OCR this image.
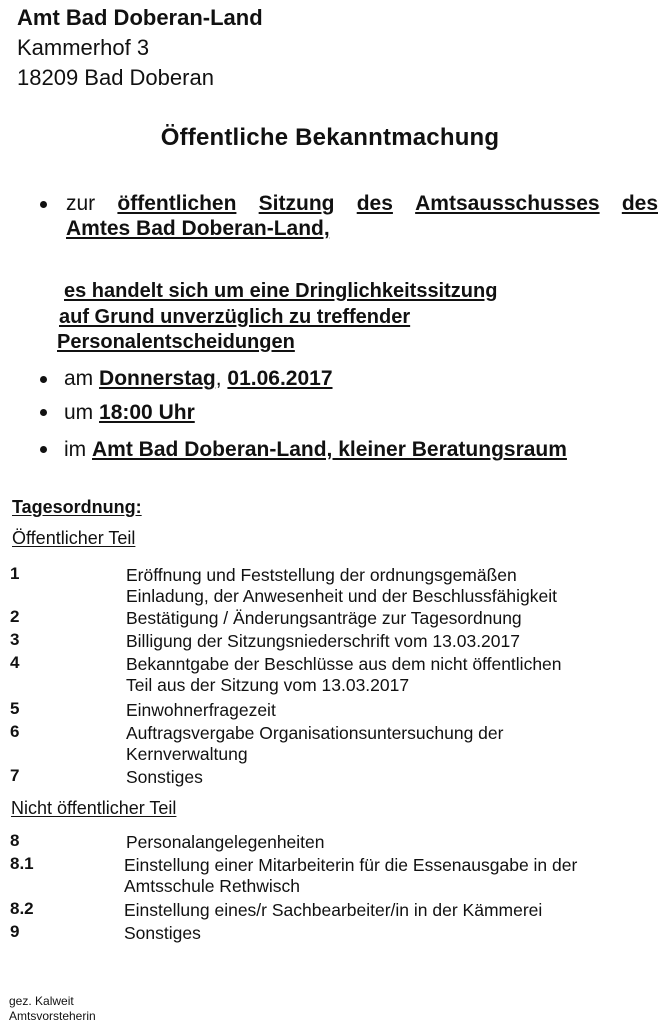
Amt Bad Doberan-Land
Kammerhof 3
18209 Bad Doberan
Öffentliche Bekanntmachung
zur öffentlichen Sitzung des Amtsausschusses des
Amtes Bad Doberan-Land,
es handelt sich um eine Dringlichkeitssitzung
auf Grund unverzüglich zu treffender
Personalentscheidungen
am Donnerstag, 01.06.2017
um 18:00 Uhr
im Amt Bad Doberan-Land, kleiner Beratungsraum
Tagesordnung:
Öffentlicher Teil
1	Eröffnung und Feststellung der ordnungsgemäßen
Einladung, der Anwesenheit und der Beschlussfähigkeit
2	Bestätigung / Änderungsanträge zur Tagesordnung
3	Billigung der Sitzungsniederschrift vom 13.03.2017
4	Bekanntgabe der Beschlüsse aus dem nicht öffentlichen
Teil aus der Sitzung vom 13.03.2017
5	Einwohnerfragezeit
6	Auftragsvergabe Organisationsuntersuchung der
Kernverwaltung
7	Sonstiges
Nicht öffentlicher Teil
8	Personalangelegenheiten
8.1	Einstellung einer Mitarbeiterin für die Essenausgabe in der
Amtsschule Rethwisch
8.2	Einstellung eines/r Sachbearbeiter/in in der Kämmerei
9	Sonstiges
gez. Kalweit
Amtsvorsteherin
